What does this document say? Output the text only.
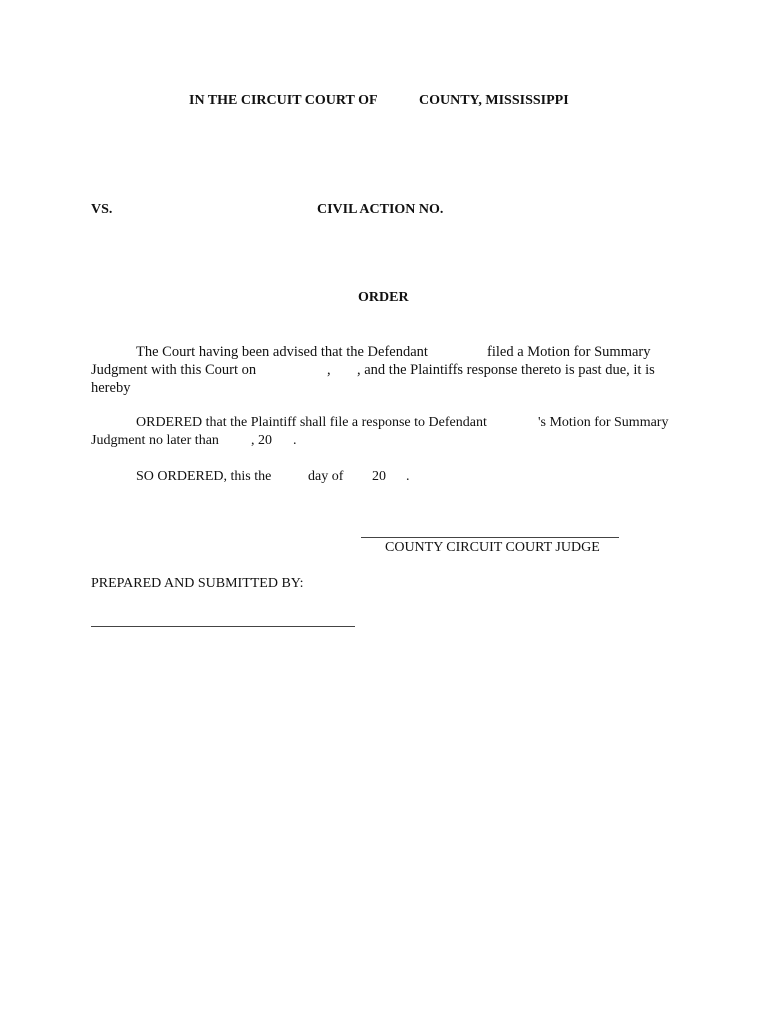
IN THE CIRCUIT COURT OF	COUNTY, MISSISSIPPI
VS.	CIVIL ACTION NO.
ORDER
The Court having been advised that the Defendant	filed a Motion for Summary
Judgment with this Court on	, , and the Plaintiffs response thereto is past due, it is
hereby
ORDERED that the Plaintiff shall file a response to Defendant	's Motion for Summary
Judgment no later than , 20 .
SO ORDERED, this the	day of 20 .
COUNTY CIRCUIT COURT JUDGE
PREPARED AND SUBMITTED BY:
